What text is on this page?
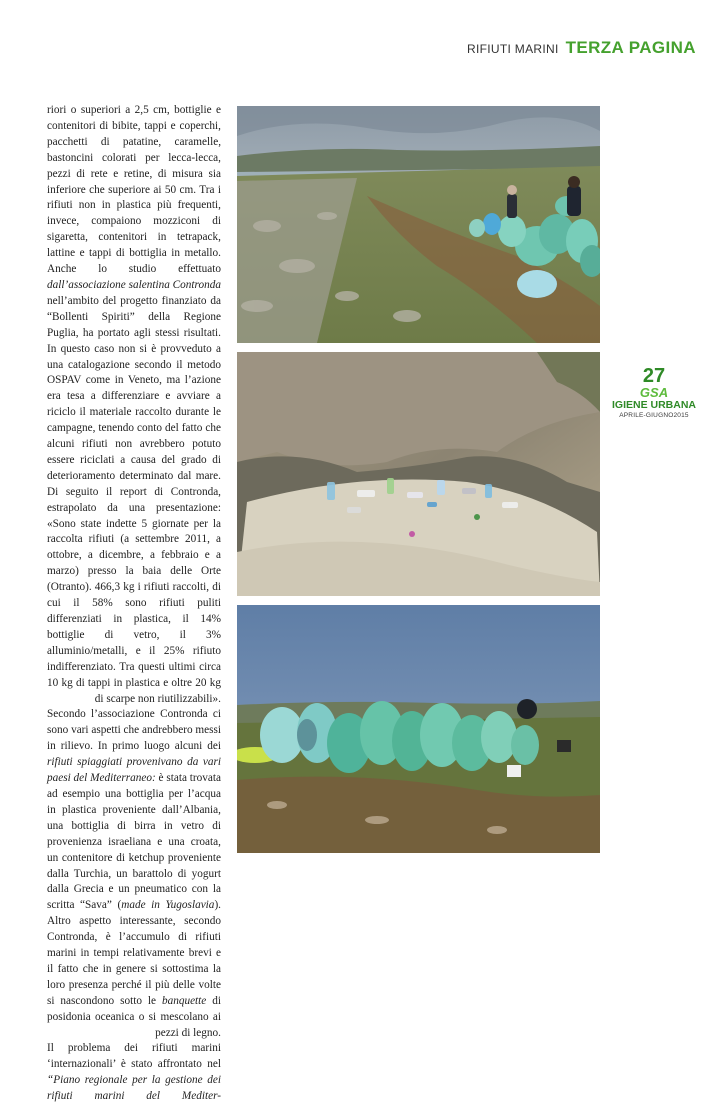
RIFIUTI MARINI TERZA PAGINA

riori o superiori a 2,5 cm, bottiglie e contenitori di bibite, tappi e coperchi, pacchetti di patatine, caramelle, bastoncini colorati per lecca-lecca, pezzi di rete e retine, di misura sia inferiore che superiore ai 50 cm. Tra i rifiuti non in plastica più frequenti, invece, compaiono mozziconi di sigaretta, contenitori in tetrapack, lattine e tappi di bottiglia in metallo. Anche lo studio effettuato dall’associazione salentina Contronda nell’ambito del progetto finanziato da “Bollenti Spiriti” della Regione Puglia, ha portato agli stessi risultati. In questo caso non si è provveduto a una catalogazione secondo il metodo OSPAV come in Veneto, ma l’azione era tesa a differenziare e avviare a riciclo il materiale raccolto durante le campagne, tenendo conto del fatto che alcuni rifiuti non avrebbero potuto essere riciclati a causa del grado di deterioramento determinato dal mare. Di seguito il report di Contronda, estrapolato da una presentazione: «Sono state indette 5 giornate per la raccolta rifiuti (a settembre 2011, a ottobre, a dicembre, a febbraio e a marzo) presso la baia delle Orte (Otranto). 466,3 kg i rifiuti raccolti, di cui il 58% sono rifiuti puliti differenziati in plastica, il 14% bottiglie di vetro, il 3% alluminio/metalli, e il 25% rifiuto indifferenziato. Tra questi ultimi circa 10 kg di tappi in plastica e oltre 20 kg di scarpe non riutilizzabili».

Secondo l’associazione Contronda ci sono vari aspetti che andrebbero messi in rilievo. In primo luogo alcuni dei rifiuti spiaggiati provenivano da vari paesi del Mediterraneo: è stata trovata ad esempio una bottiglia per l’acqua in plastica proveniente dall’Albania, una bottiglia di birra in vetro di provenienza israeliana e una croata, un contenitore di ketchup proveniente dalla Turchia, un barattolo di yogurt dalla Grecia e un pneumatico con la scritta “Sava” (made in Yugoslavia). Altro aspetto interessante, secondo Contronda, è l’accumulo di rifiuti marini in tempi relativamente brevi e il fatto che in genere si sottostima la loro presenza perché il più delle volte si nascondono sotto le banquette di posidonia oceanica o si mescolano ai pezzi di legno.

Il problema dei rifiuti marini ‘internazionali’ è stato affrontato nel “Piano regionale per la gestione dei rifiuti marini del Mediter-

27
GSA
IGIENE URBANA
APRILE-GIUGNO2015
